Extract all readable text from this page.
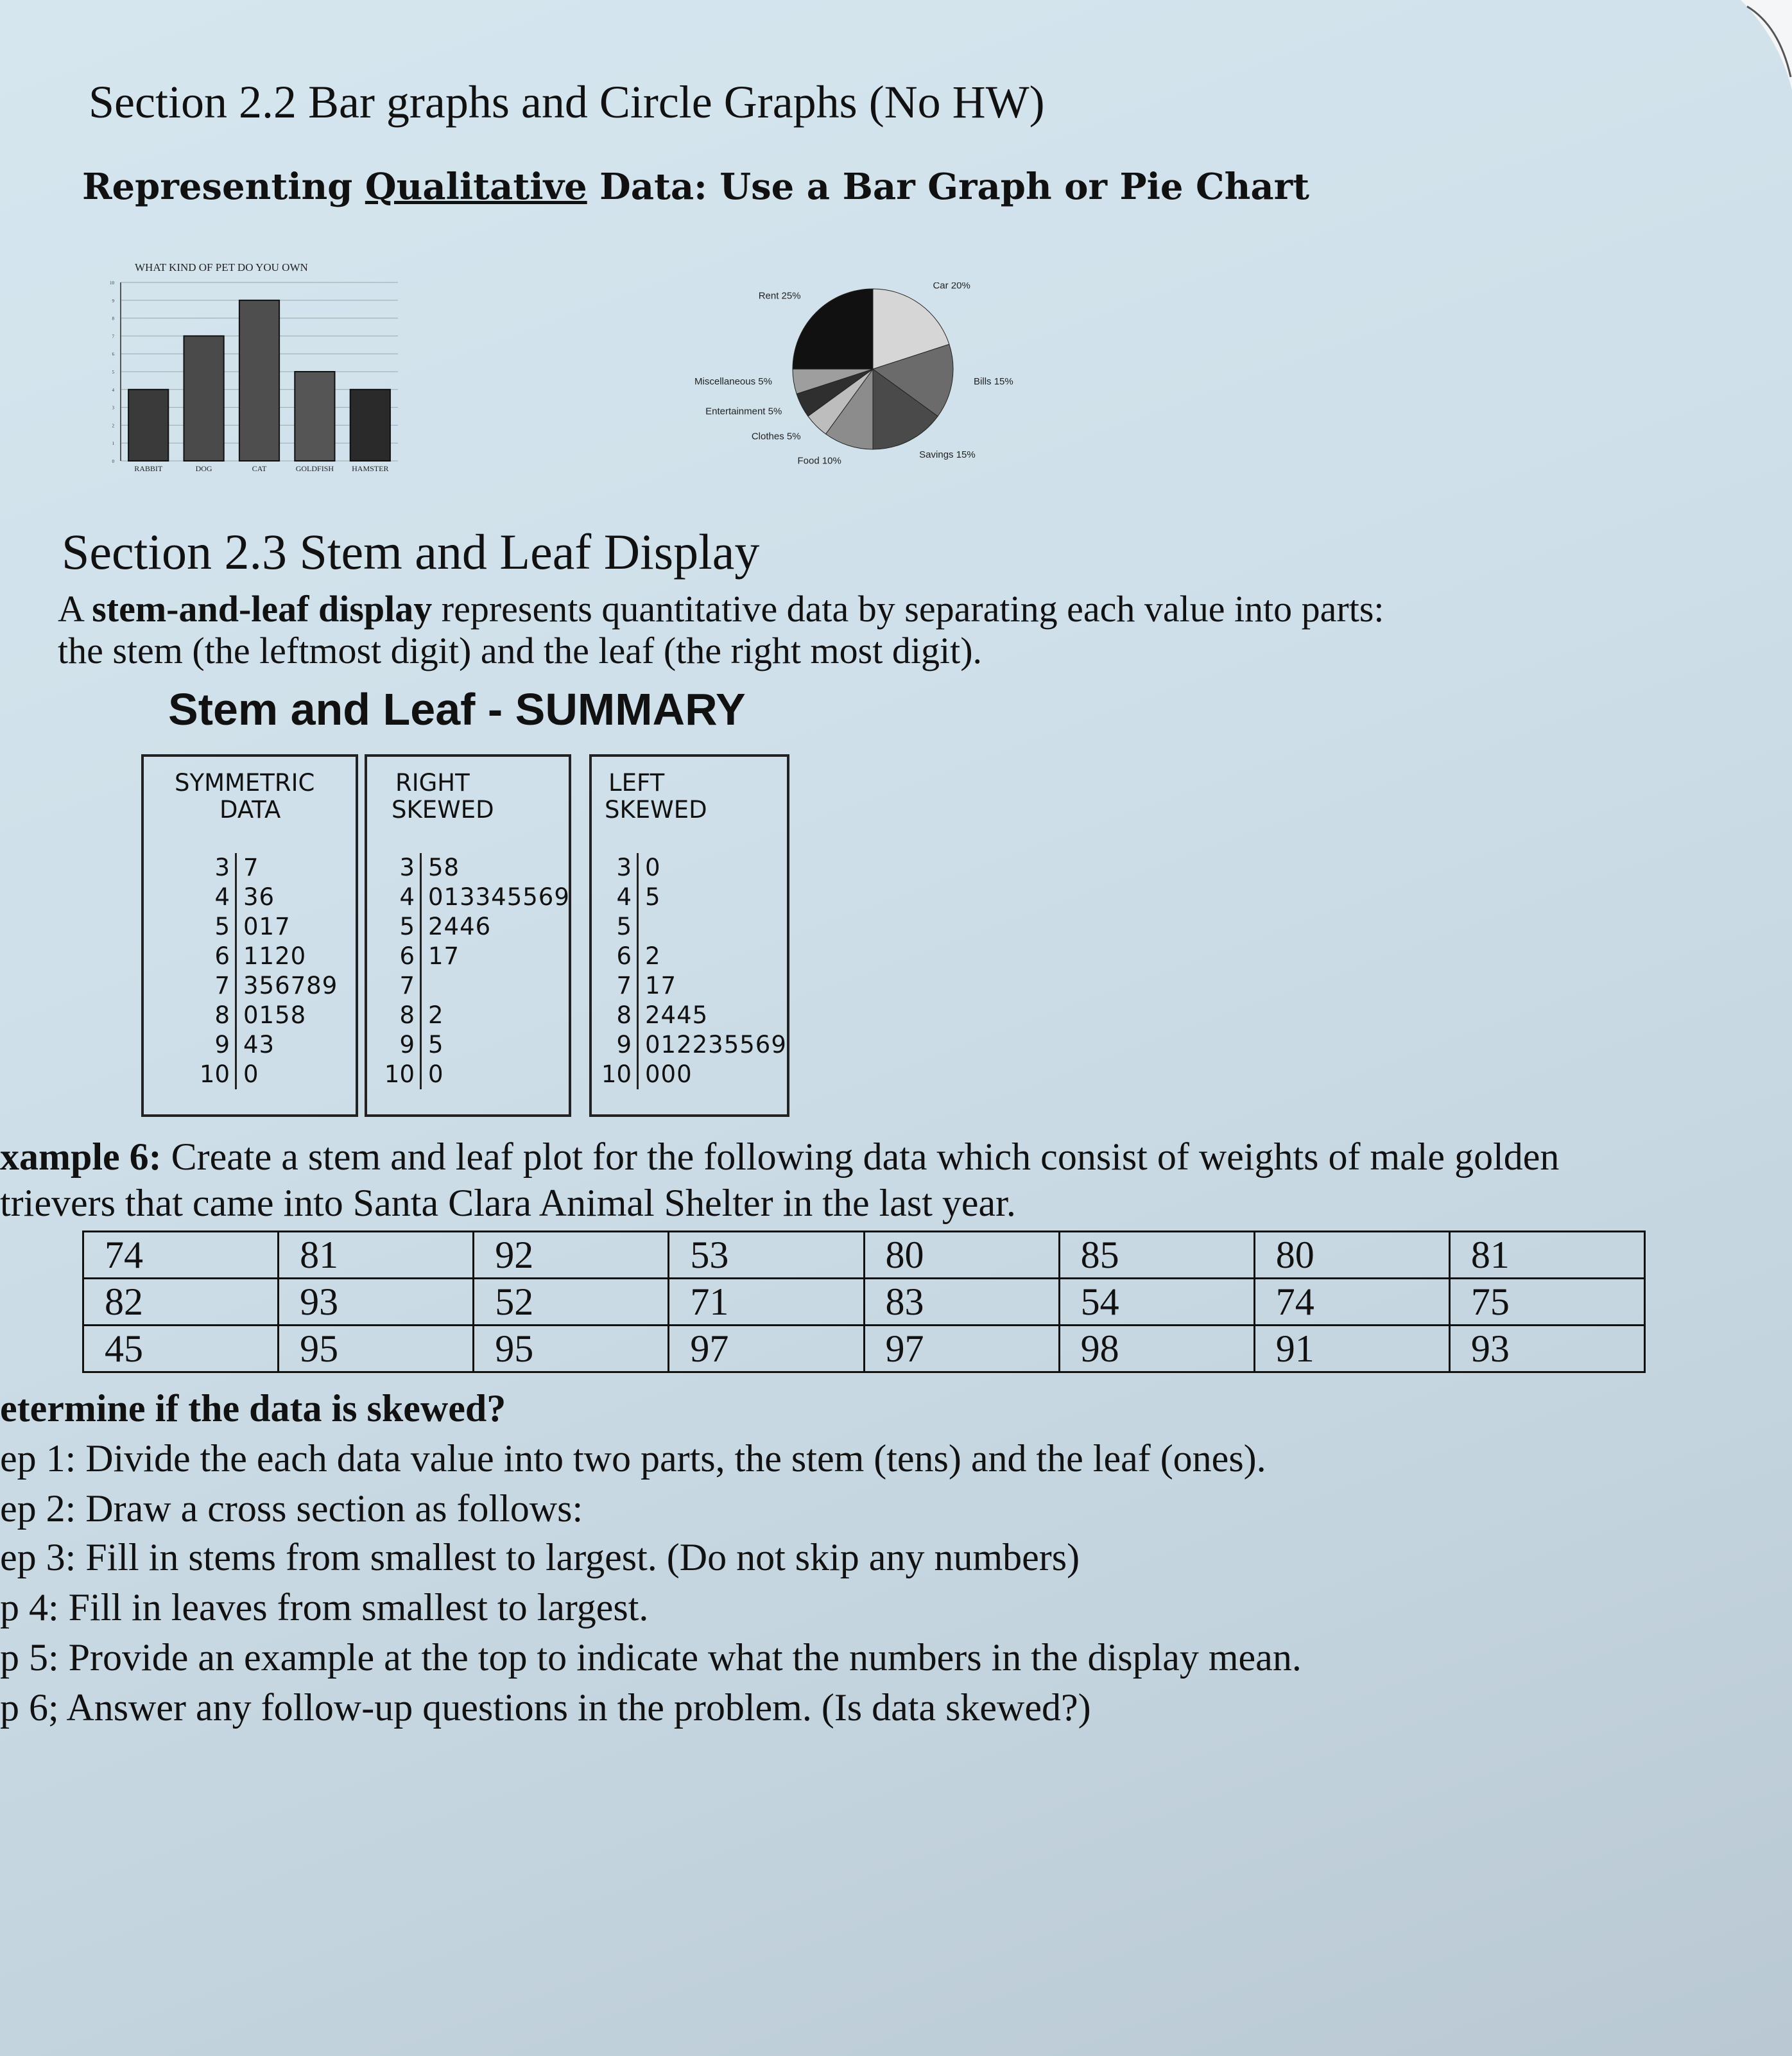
Section 2.2 Bar graphs and Circle Graphs (No HW)
Representing Qualitative Data: Use a Bar Graph or Pie Chart
WHAT KIND OF PET DO YOU OWN
0
1
2
3
4
5
6
7
8
9
10
RABBIT	DOG	CAT	GOLDFISH HAMSTER
Car 20%
Bills 15%
Savings 15%
Food 10%
Clothes 5%
Entertainment 5%
Miscellaneous 5%
Rent 25%
Section 2.3 Stem and Leaf Display
A stem-and-leaf display represents quantitative data by separating each value into parts:
the stem (the leftmost digit) and the leaf (the right most digit).
Stem and Leaf - SUMMARY
SYMMETRIC
DATA
3 7
4 36
5 017
6 1120
7 356789
8 0158
9 43
10 0
RIGHT
SKEWED
3 58
4 013345569
5 2446
6 17
7
8 2
9 5
10 0
LEFT
SKEWED
3 0
4 5
5
6 2
7 17
8 2445
9 012235569
10 000
xample 6: Create a stem and leaf plot for the following data which consist of weights of male golden
trievers that came into Santa Clara Animal Shelter in the last year.
74	81	92	53	80	85	80	81
82	93	52	71	83	54	74	75
45	95	95	97	97	98	91	93
etermine if the data is skewed?
ep 1: Divide the each data value into two parts, the stem (tens) and the leaf (ones).
ep 2: Draw a cross section as follows:
ep 3: Fill in stems from smallest to largest. (Do not skip any numbers)
p 4: Fill in leaves from smallest to largest.
p 5: Provide an example at the top to indicate what the numbers in the display mean.
p 6; Answer any follow-up questions in the problem. (Is data skewed?)
